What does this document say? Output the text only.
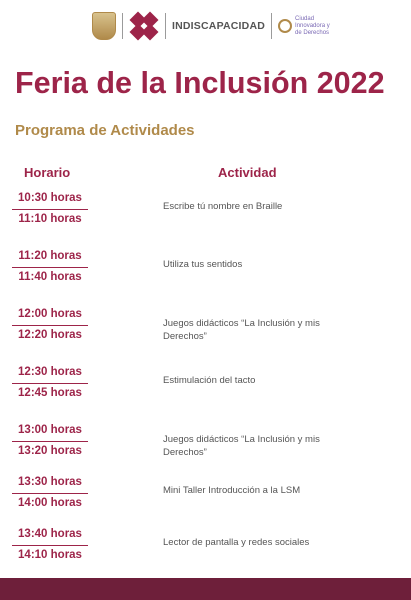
INDISCAPACIDAD
Ciudad Innovadora y de Derechos
Feria de la Inclusión 2022
Programa de Actividades
Horario	Actividad
10:30 horas
11:10 horas
Escribe tú nombre en Braille
11:20 horas
11:40 horas
Utiliza tus sentidos
12:00 horas
12:20 horas
Juegos didácticos “La Inclusión y mis Derechos”
12:30 horas
12:45 horas
Estimulación del tacto
13:00 horas
13:20 horas
Juegos didácticos “La Inclusión y mis Derechos”
13:30 horas
14:00 horas
Mini Taller Introducción a la LSM
13:40 horas
14:10 horas
Lector de pantalla y redes sociales
